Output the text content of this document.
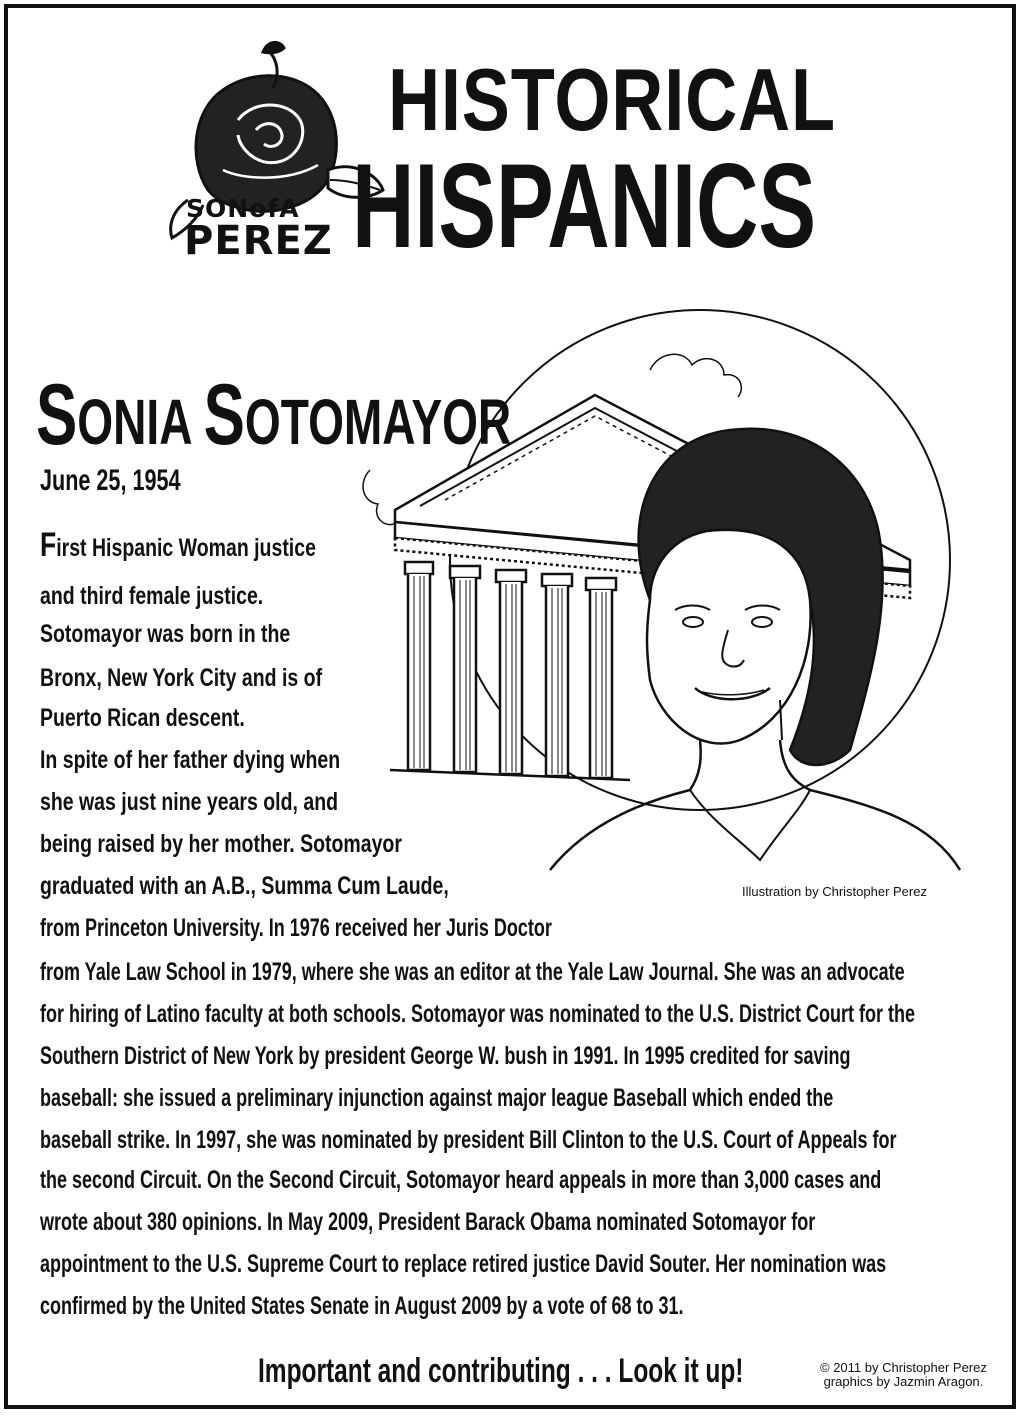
SONofA
PEREZ
HISTORICAL
HISPANICS
SONIA SOTOMAYOR
June 25, 1954
Illustration by Christopher Perez
First Hispanic Woman justice
and third female justice.
Sotomayor was born in the
Bronx, New York City and is of
Puerto Rican descent.
In spite of her father dying when
she was just nine years old, and
being raised by her mother. Sotomayor
graduated with an A.B., Summa Cum Laude,
from Princeton University. In 1976 received her Juris Doctor
from Yale Law School in 1979, where she was an editor at the Yale Law Journal. She was an advocate
for hiring of Latino faculty at both schools. Sotomayor was nominated to the U.S. District Court for the
Southern District of New York by president George W. bush in 1991. In 1995 credited for saving
baseball: she issued a preliminary injunction against major league Baseball which ended the
baseball strike. In 1997, she was nominated by president Bill Clinton to the U.S. Court of Appeals for
the second Circuit. On the Second Circuit, Sotomayor heard appeals in more than 3,000 cases and
wrote about 380 opinions. In May 2009, President Barack Obama nominated Sotomayor for
appointment to the U.S. Supreme Court to replace retired justice David Souter. Her nomination was
confirmed by the United States Senate in August 2009 by a vote of 68 to 31.
Important and contributing . . . Look it up!	© 2011 by Christopher Perez
graphics by Jazmin Aragon.
